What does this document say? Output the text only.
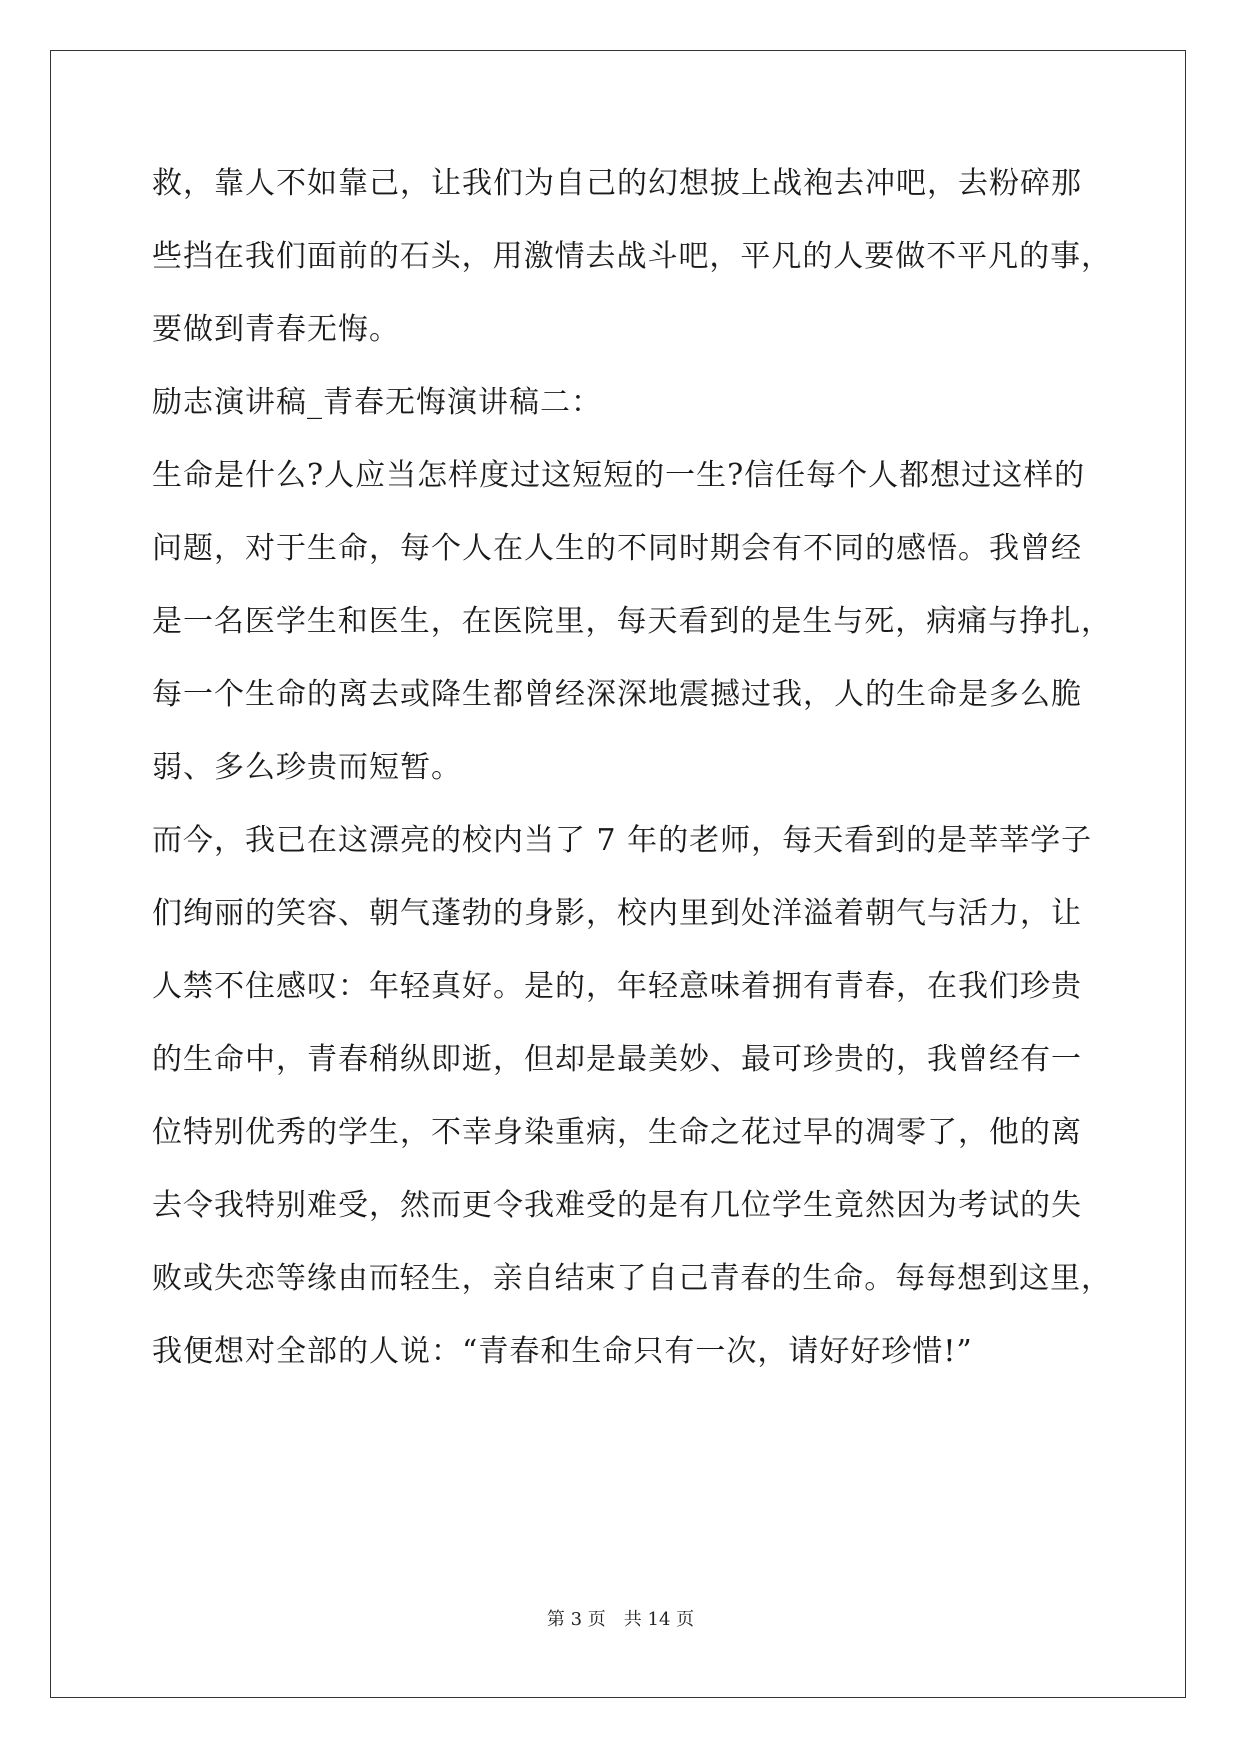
救，靠人不如靠己，让我们为自己的幻想披上战袍去冲吧，去粉碎那
些挡在我们面前的石头，用激情去战斗吧，平凡的人要做不平凡的事，
要做到青春无悔。
励志演讲稿_青春无悔演讲稿二：
生命是什么?人应当怎样度过这短短的一生?信任每个人都想过这样的
问题，对于生命，每个人在人生的不同时期会有不同的感悟。我曾经
是一名医学生和医生，在医院里，每天看到的是生与死，病痛与挣扎，
每一个生命的离去或降生都曾经深深地震撼过我，人的生命是多么脆
弱、多么珍贵而短暂。
而今，我已在这漂亮的校内当了 7 年的老师，每天看到的是莘莘学子
们绚丽的笑容、朝气蓬勃的身影，校内里到处洋溢着朝气与活力，让
人禁不住感叹：年轻真好。是的，年轻意味着拥有青春，在我们珍贵
的生命中，青春稍纵即逝，但却是最美妙、最可珍贵的，我曾经有一
位特别优秀的学生，不幸身染重病，生命之花过早的凋零了，他的离
去令我特别难受，然而更令我难受的是有几位学生竟然因为考试的失
败或失恋等缘由而轻生，亲自结束了自己青春的生命。每每想到这里，
我便想对全部的人说：“青春和生命只有一次，请好好珍惜!”
第 3 页 共 14 页
